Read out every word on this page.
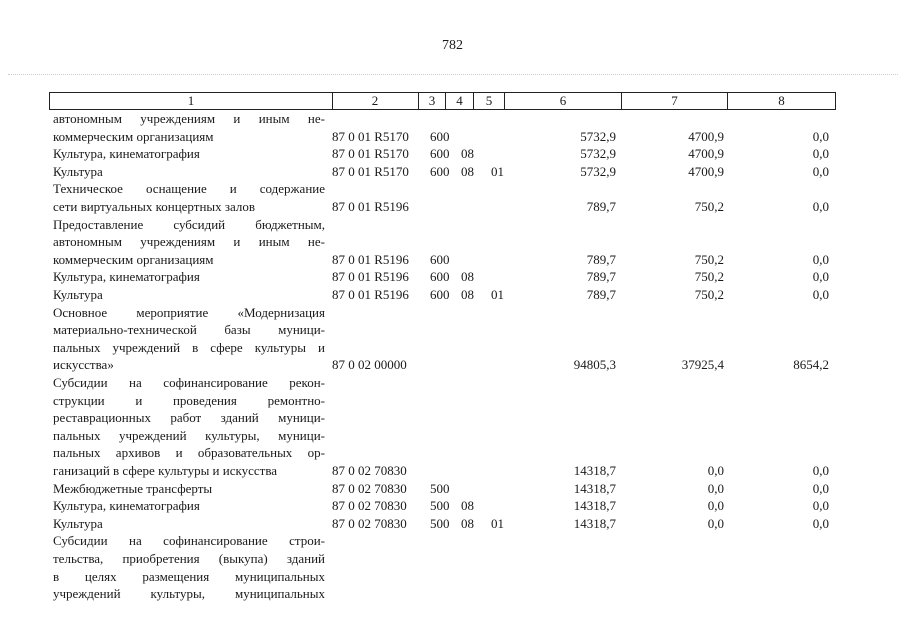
782
1	2	3	4	5	6	7	8
автономным учреждениям и иным не-
коммерческим организациям	87 0 01 R5170 600	5732,9	4700,9	0,0
Культура, кинематография	87 0 01 R5170 600 08	5732,9	4700,9	0,0
Культура	87 0 01 R5170 600 08 01	5732,9	4700,9	0,0
Техническое оснащение и содержание
сети виртуальных концертных залов	87 0 01 R5196	789,7	750,2	0,0
Предоставление субсидий бюджетным,
автономным учреждениям и иным не-
коммерческим организациям	87 0 01 R5196 600	789,7	750,2	0,0
Культура, кинематография	87 0 01 R5196 600 08	789,7	750,2	0,0
Культура	87 0 01 R5196 600 08 01	789,7	750,2	0,0
Основное мероприятие «Модернизация
материально-технической базы муници-
пальных учреждений в сфере культуры и
искусства»	87 0 02 00000	94805,3	37925,4	8654,2
Субсидии на софинансирование рекон-
струкции и проведения ремонтно-
реставрационных работ зданий муници-
пальных учреждений культуры, муници-
пальных архивов и образовательных ор-
ганизаций в сфере культуры и искусства	87 0 02 70830	14318,7	0,0	0,0
Межбюджетные трансферты	87 0 02 70830 500	14318,7	0,0	0,0
Культура, кинематография	87 0 02 70830 500 08	14318,7	0,0	0,0
Культура	87 0 02 70830 500 08 01	14318,7	0,0	0,0
Субсидии на софинансирование строи-
тельства, приобретения (выкупа) зданий
в целях размещения муниципальных
учреждений культуры, муниципальных
